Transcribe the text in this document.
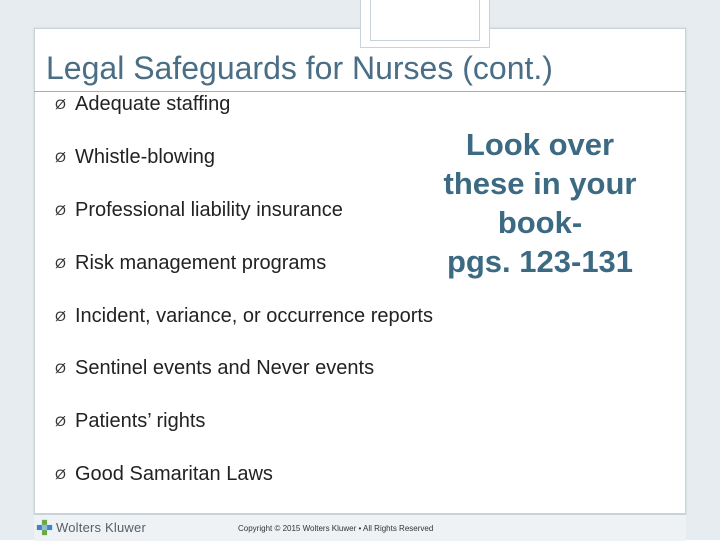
Legal Safeguards for Nurses (cont.)
Ø Adequate staffing
Ø Whistle-blowing
Ø Professional liability insurance
Ø Risk management programs
Ø Incident, variance, or occurrence reports
Ø Sentinel events and Never events
Ø Patients’ rights
Ø Good Samaritan Laws

Look over
these in your
book-
pgs. 123-131

Wolters Kluwer	Copyright © 2015 Wolters Kluwer • All Rights Reserved
